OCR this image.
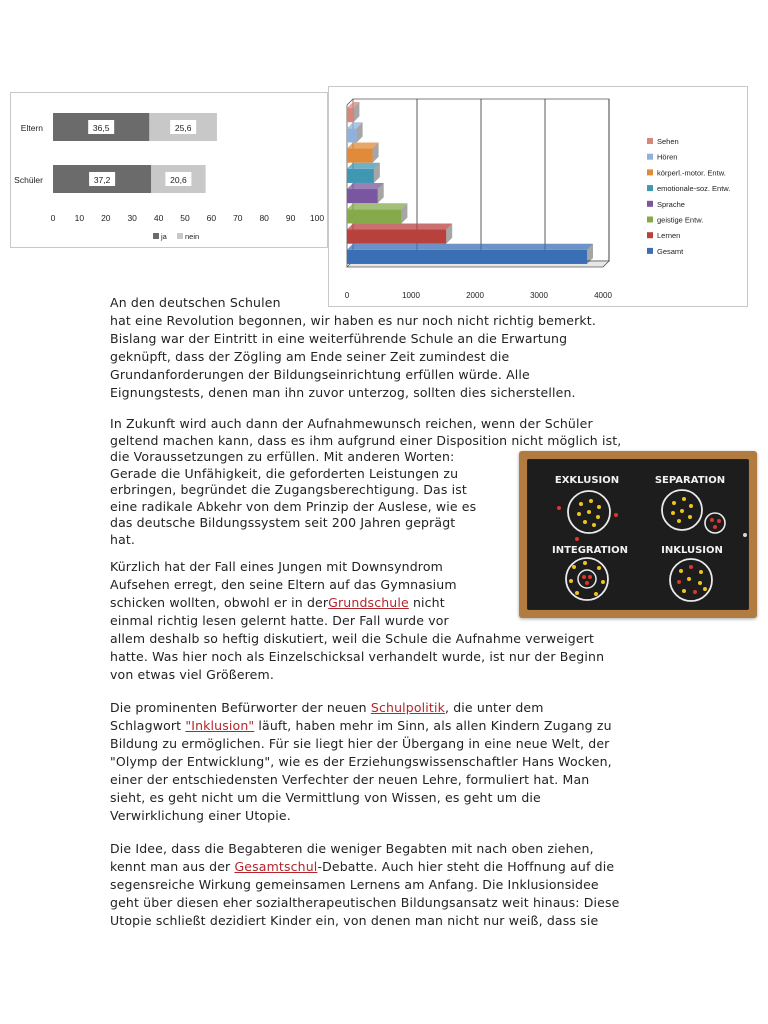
Eltern	36,5	25,6
Schüler	37,2	20,6
0 10 20 30 40 50 60 70 80 90 100
ja nein
0	1000	2000	3000	4000
Sehen
Hören
körperl.-motor. Entw.
emotionale-soz. Entw.
Sprache
geistige Entw.
Lernen
Gesamt
EXKLUSION	SEPARATION
INTEGRATION	INKLUSION
An den deutschen Schulen
hat eine Revolution begonnen, wir haben es nur noch nicht richtig bemerkt.
Bislang war der Eintritt in eine weiterführende Schule an die Erwartung
geknüpft, dass der Zögling am Ende seiner Zeit zumindest die
Grundanforderungen der Bildungseinrichtung erfüllen würde. Alle
Eignungstests, denen man ihn zuvor unterzog, sollten dies sicherstellen.
In Zukunft wird auch dann der Aufnahmewunsch reichen, wenn der Schüler
geltend machen kann, dass es ihm aufgrund einer Disposition nicht möglich ist,
die Voraussetzungen zu erfüllen. Mit anderen Worten:
Gerade die Unfähigkeit, die geforderten Leistungen zu
erbringen, begründet die Zugangsberechtigung. Das ist
eine radikale Abkehr von dem Prinzip der Auslese, wie es
das deutsche Bildungssystem seit 200 Jahren geprägt
hat.
Kürzlich hat der Fall eines Jungen mit Downsyndrom
Aufsehen erregt, den seine Eltern auf das Gymnasium
schicken wollten, obwohl er in derGrundschule nicht
einmal richtig lesen gelernt hatte. Der Fall wurde vor
allem deshalb so heftig diskutiert, weil die Schule die Aufnahme verweigert
hatte. Was hier noch als Einzelschicksal verhandelt wurde, ist nur der Beginn
von etwas viel Größerem.
Die prominenten Befürworter der neuen Schulpolitik, die unter dem
Schlagwort "Inklusion" läuft, haben mehr im Sinn, als allen Kindern Zugang zu
Bildung zu ermöglichen. Für sie liegt hier der Übergang in eine neue Welt, der
"Olymp der Entwicklung", wie es der Erziehungswissenschaftler Hans Wocken,
einer der entschiedensten Verfechter der neuen Lehre, formuliert hat. Man
sieht, es geht nicht um die Vermittlung von Wissen, es geht um die
Verwirklichung einer Utopie.
Die Idee, dass die Begabteren die weniger Begabten mit nach oben ziehen,
kennt man aus der Gesamtschul-Debatte. Auch hier steht die Hoffnung auf die
segensreiche Wirkung gemeinsamen Lernens am Anfang. Die Inklusionsidee
geht über diesen eher sozialtherapeutischen Bildungsansatz weit hinaus: Diese
Utopie schließt dezidiert Kinder ein, von denen man nicht nur weiß, dass sie
